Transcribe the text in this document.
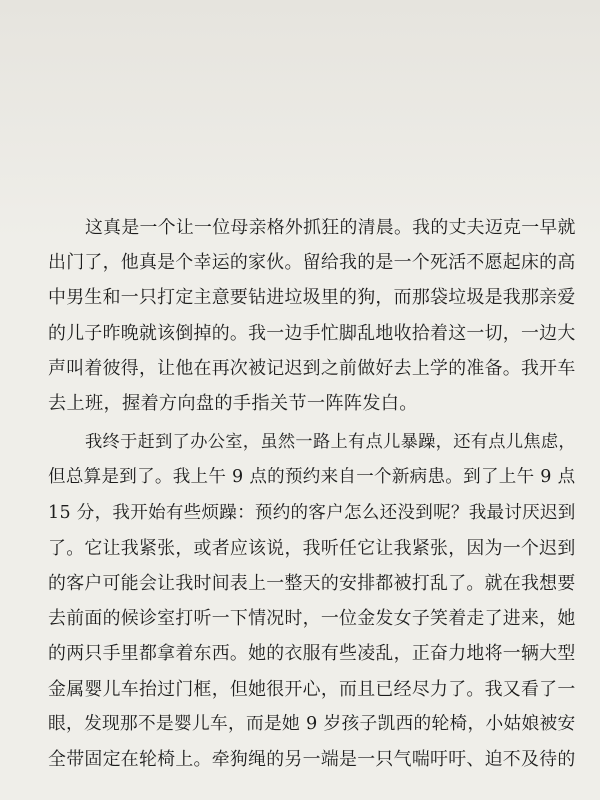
这真是一个让一位母亲格外抓狂的清晨。我的丈夫迈克一早就
出门了，他真是个幸运的家伙。留给我的是一个死活不愿起床的高
中男生和一只打定主意要钻进垃圾里的狗，而那袋垃圾是我那亲爱
的儿子昨晚就该倒掉的。我一边手忙脚乱地收拾着这一切，一边大
声叫着彼得，让他在再次被记迟到之前做好去上学的准备。我开车
去上班，握着方向盘的手指关节一阵阵发白。
我终于赶到了办公室，虽然一路上有点儿暴躁，还有点儿焦虑，
但总算是到了。我上午 9 点的预约来自一个新病患。到了上午 9 点
15 分，我开始有些烦躁：预约的客户怎么还没到呢？我最讨厌迟到
了。它让我紧张，或者应该说，我听任它让我紧张，因为一个迟到
的客户可能会让我时间表上一整天的安排都被打乱了。就在我想要
去前面的候诊室打听一下情况时，一位金发女子笑着走了进来，她
的两只手里都拿着东西。她的衣服有些凌乱，正奋力地将一辆大型
金属婴儿车抬过门框，但她很开心，而且已经尽力了。我又看了一
眼，发现那不是婴儿车，而是她 9 岁孩子凯西的轮椅，小姑娘被安
全带固定在轮椅上。牵狗绳的另一端是一只气喘吁吁、迫不及待的
